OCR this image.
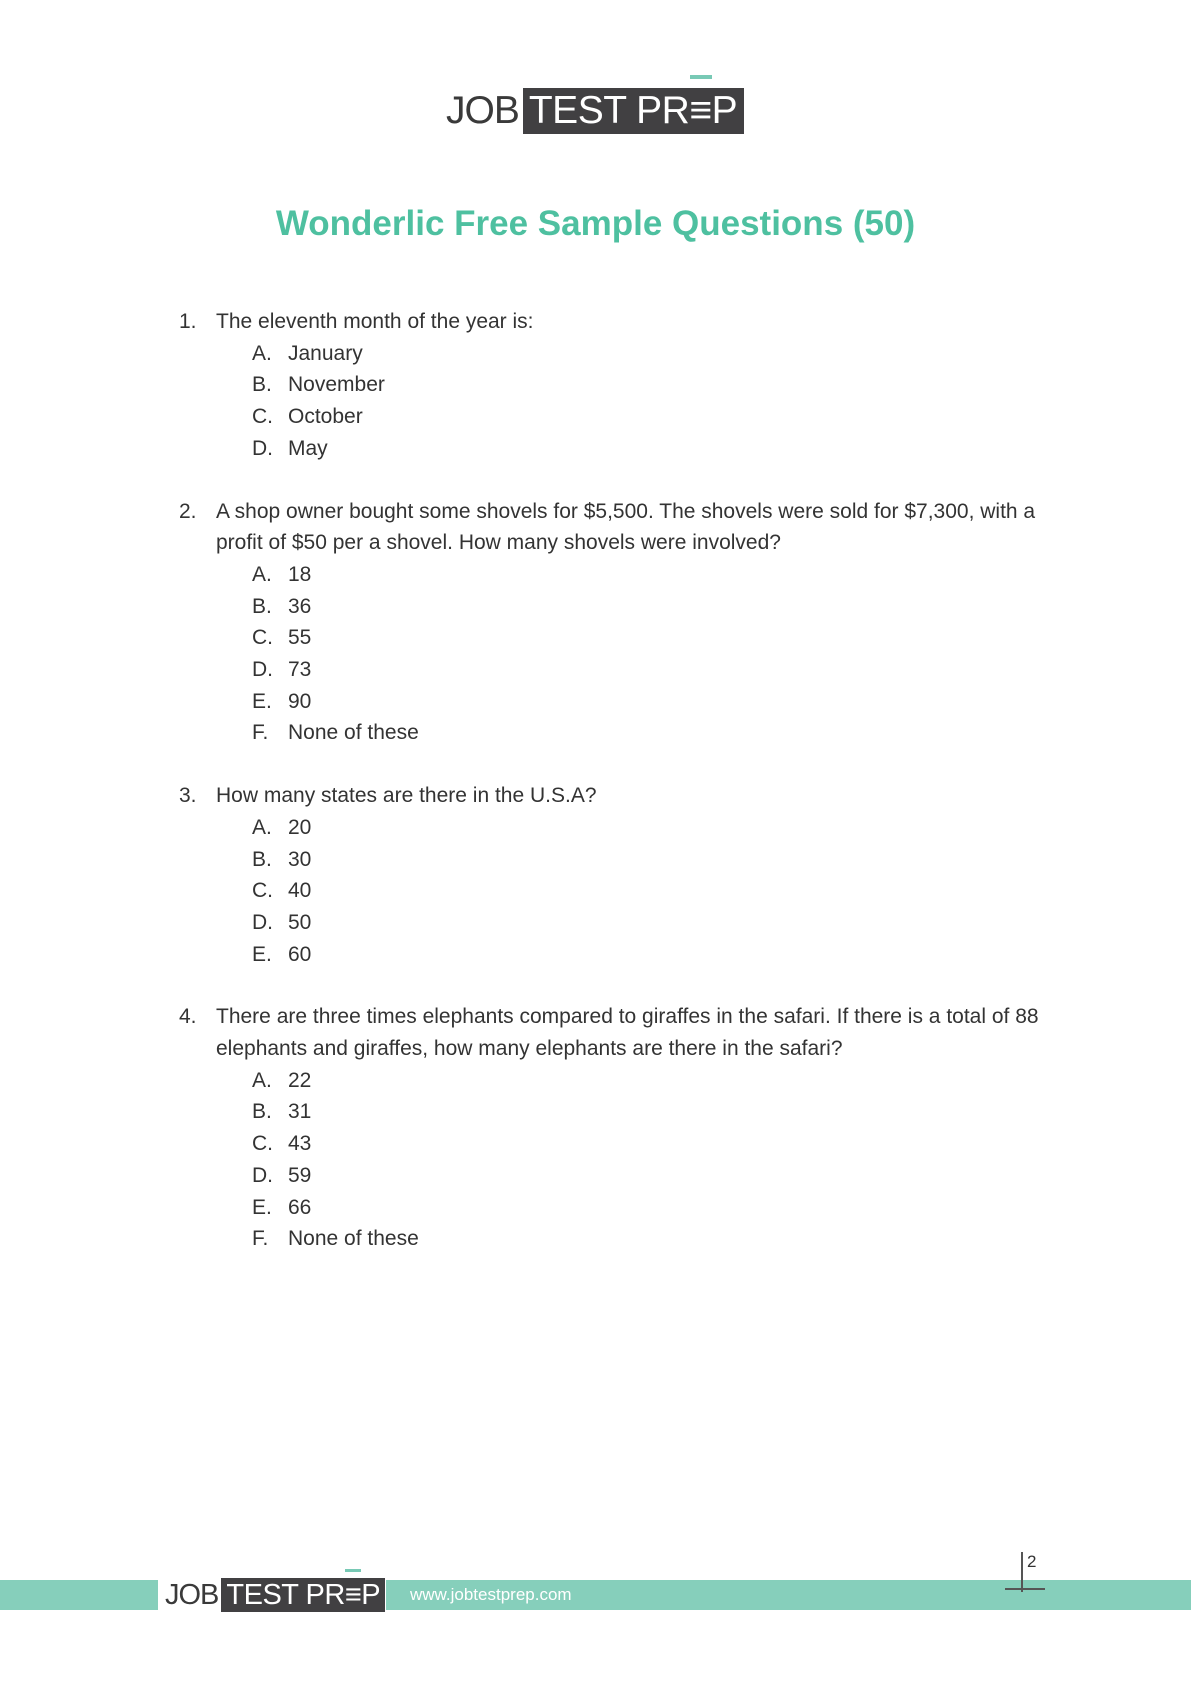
JOB TEST PR≡P
Wonderlic Free Sample Questions (50)
1. The eleventh month of the year is:
A. January
B. November
C. October
D. May
2. A shop owner bought some shovels for $5,500. The shovels were sold for $7,300, with a profit of $50 per a shovel. How many shovels were involved?
A. 18
B. 36
C. 55
D. 73
E. 90
F. None of these
3. How many states are there in the U.S.A?
A. 20
B. 30
C. 40
D. 50
E. 60
4. There are three times elephants compared to giraffes in the safari. If there is a total of 88 elephants and giraffes, how many elephants are there in the safari?
A. 22
B. 31
C. 43
D. 59
E. 66
F. None of these
JOB TEST PR≡P www.jobtestprep.com
2
